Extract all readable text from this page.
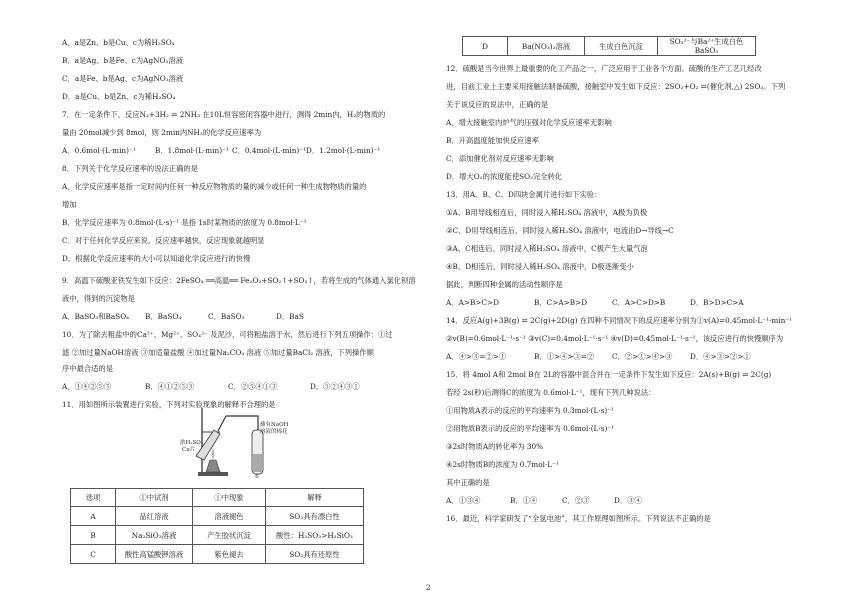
A．a是Zn、b是Cu、c为稀H₂SO₄
B．a是Ag、b是Fe、c为AgNO₃溶液
C．a是Fe、b是Ag、c为AgNO₃溶液
D．a是Cu、b是Zn、c为稀H₂SO₄
7．在一定条件下，反应N₂+3H₂ ⇌ 2NH₃ 在10L恒容密闭容器中进行，测得 2min内，H₂的物质的
量由 20mol减少到 8mol，则 2min内NH₃的化学反应速率为
A．0.6mol·(L·min)⁻¹	B．1.8mol·(L·min)⁻¹ C．0.4mol·(L·min)⁻¹ D．1.2mol·(L·min)⁻¹
8．下列关于化学反应速率的说法正确的是
A．化学反应速率是指一定时间内任何一种反应物物质的量的减少或任何一种生成物物质的量的
增加
B．化学反应速率为 0.8mol·(L·s)⁻¹ 是指 1s时某物质的浓度为 0.8mol·L⁻¹
C．对于任何化学反应来说，反应速率越快，反应现象就越明显
D．根据化学反应速率的大小可以知道化学反应进行的快慢
9．高温下硫酸亚铁发生如下反应：2FeSO₄ ══高温══ Fe₂O₃+SO₂↑+SO₃↑，若将生成的气体通入氯化钡溶
液中，得到的沉淀物是
A．BaSO₃和BaSO₄ B．BaSO₄	C．BaSO₃	D．BaS
10．为了除去粗盐中的Ca²⁺、Mg²⁺、SO₄²⁻ 及泥沙，可将粗盐溶于水，然后进行下列五项操作：①过
滤 ②加过量NaOH溶液 ③加适量盐酸 ④加过量Na₂CO₃ 溶液 ⑤加过量BaCl₂ 溶液，下列操作顺
序中最合适的是
A．①④②⑤③	B．④①②⑤③	C．②⑤④①③	D．⑤②④③①
11．用如图所示装置进行实验，下列对实验现象的解释不合理的是
①
浓H₂SO₄
Cu片
蘸有NaOH
溶液的棉花
选项	①中试剂	①中现象	解释
A	品红溶液	溶液褪色	SO₂具有漂白性
B	Na₂SiO₃溶液	产生胶状沉淀	酸性：H₂SO₃>H₂SiO₃
C	酸性高锰酸钾溶液	紫色褪去	SO₂具有还原性
D	Ba(NO₃)₂溶液	生成白色沉淀	SO₃²⁻与Ba²⁺生成白色BaSO₃
12．硫酸是当今世界上最重要的化工产品之一，广泛应用于工业各个方面。硫酸的生产工艺几经改
进，目前工业上主要采用接触法制备硫酸，接触室中发生如下反应：2SO₂+O₂ ⇌(催化剂,△) 2SO₃。下列
关于该反应的说法中，正确的是
A．增大接触室内炉气的压强对化学反应速率无影响
B．升高温度能加快反应速率
C．添加催化剂对反应速率无影响
D．增大O₂的浓度能使SO₂完全转化
13．用A、B、C、D四块金属片进行如下实验：
①A、B用导线相连后，同时浸入稀H₂SO₄ 溶液中，A极为负极
②C、D用导线相连后，同时浸入稀H₂SO₄ 溶液中，电流由D→导线→C
③A、C相连后，同时浸入稀H₂SO₄ 溶液中，C极产生大量气泡
④B、D相连后，同时浸入稀H₂SO₄ 溶液中，D极逐渐变小
据此，判断四种金属的活动性顺序是
A．A>B>C>D	B．C>A>B>D	C．A>C>D>B	D．B>D>C>A
14．反应A(g)+3B(g) ⇌ 2C(g)+2D(g) 在四种不同情况下的反应速率分别为①v(A)=0.45mol·L⁻¹·min⁻¹
②v(B)=0.6mol·L⁻¹·s⁻¹ ③v(C)=0.4mol·L⁻¹·s⁻¹ ④v(D)=0.45mol·L⁻¹·s⁻¹，该反应进行的快慢顺序为
A．④>③=②>①	B．①>④>③=② C．②>①>④>③ D．④>③>②>①
15．将 4mol A和 2mol B在 2L的容器中混合并在一定条件下发生如下反应：2A(s)+B(g) ⇌ 2C(g)
若经 2s(秒)后测得C的浓度为 0.6mol·L⁻¹，现有下列几种说法：
①用物质A表示的反应的平均速率为 0.3mol·(L·s)⁻¹
②用物质B表示的反应的平均速率为 0.6mol·(L·s)⁻¹
③2s时物质A的转化率为 30%
④2s时物质B的浓度为 0.7mol·L⁻¹
其中正确的是
A．①③④	B．①④	C．②③	D．③④
16．最近，科学家研发了“全氢电池”，其工作原理如图所示。下列说法不正确的是
2
